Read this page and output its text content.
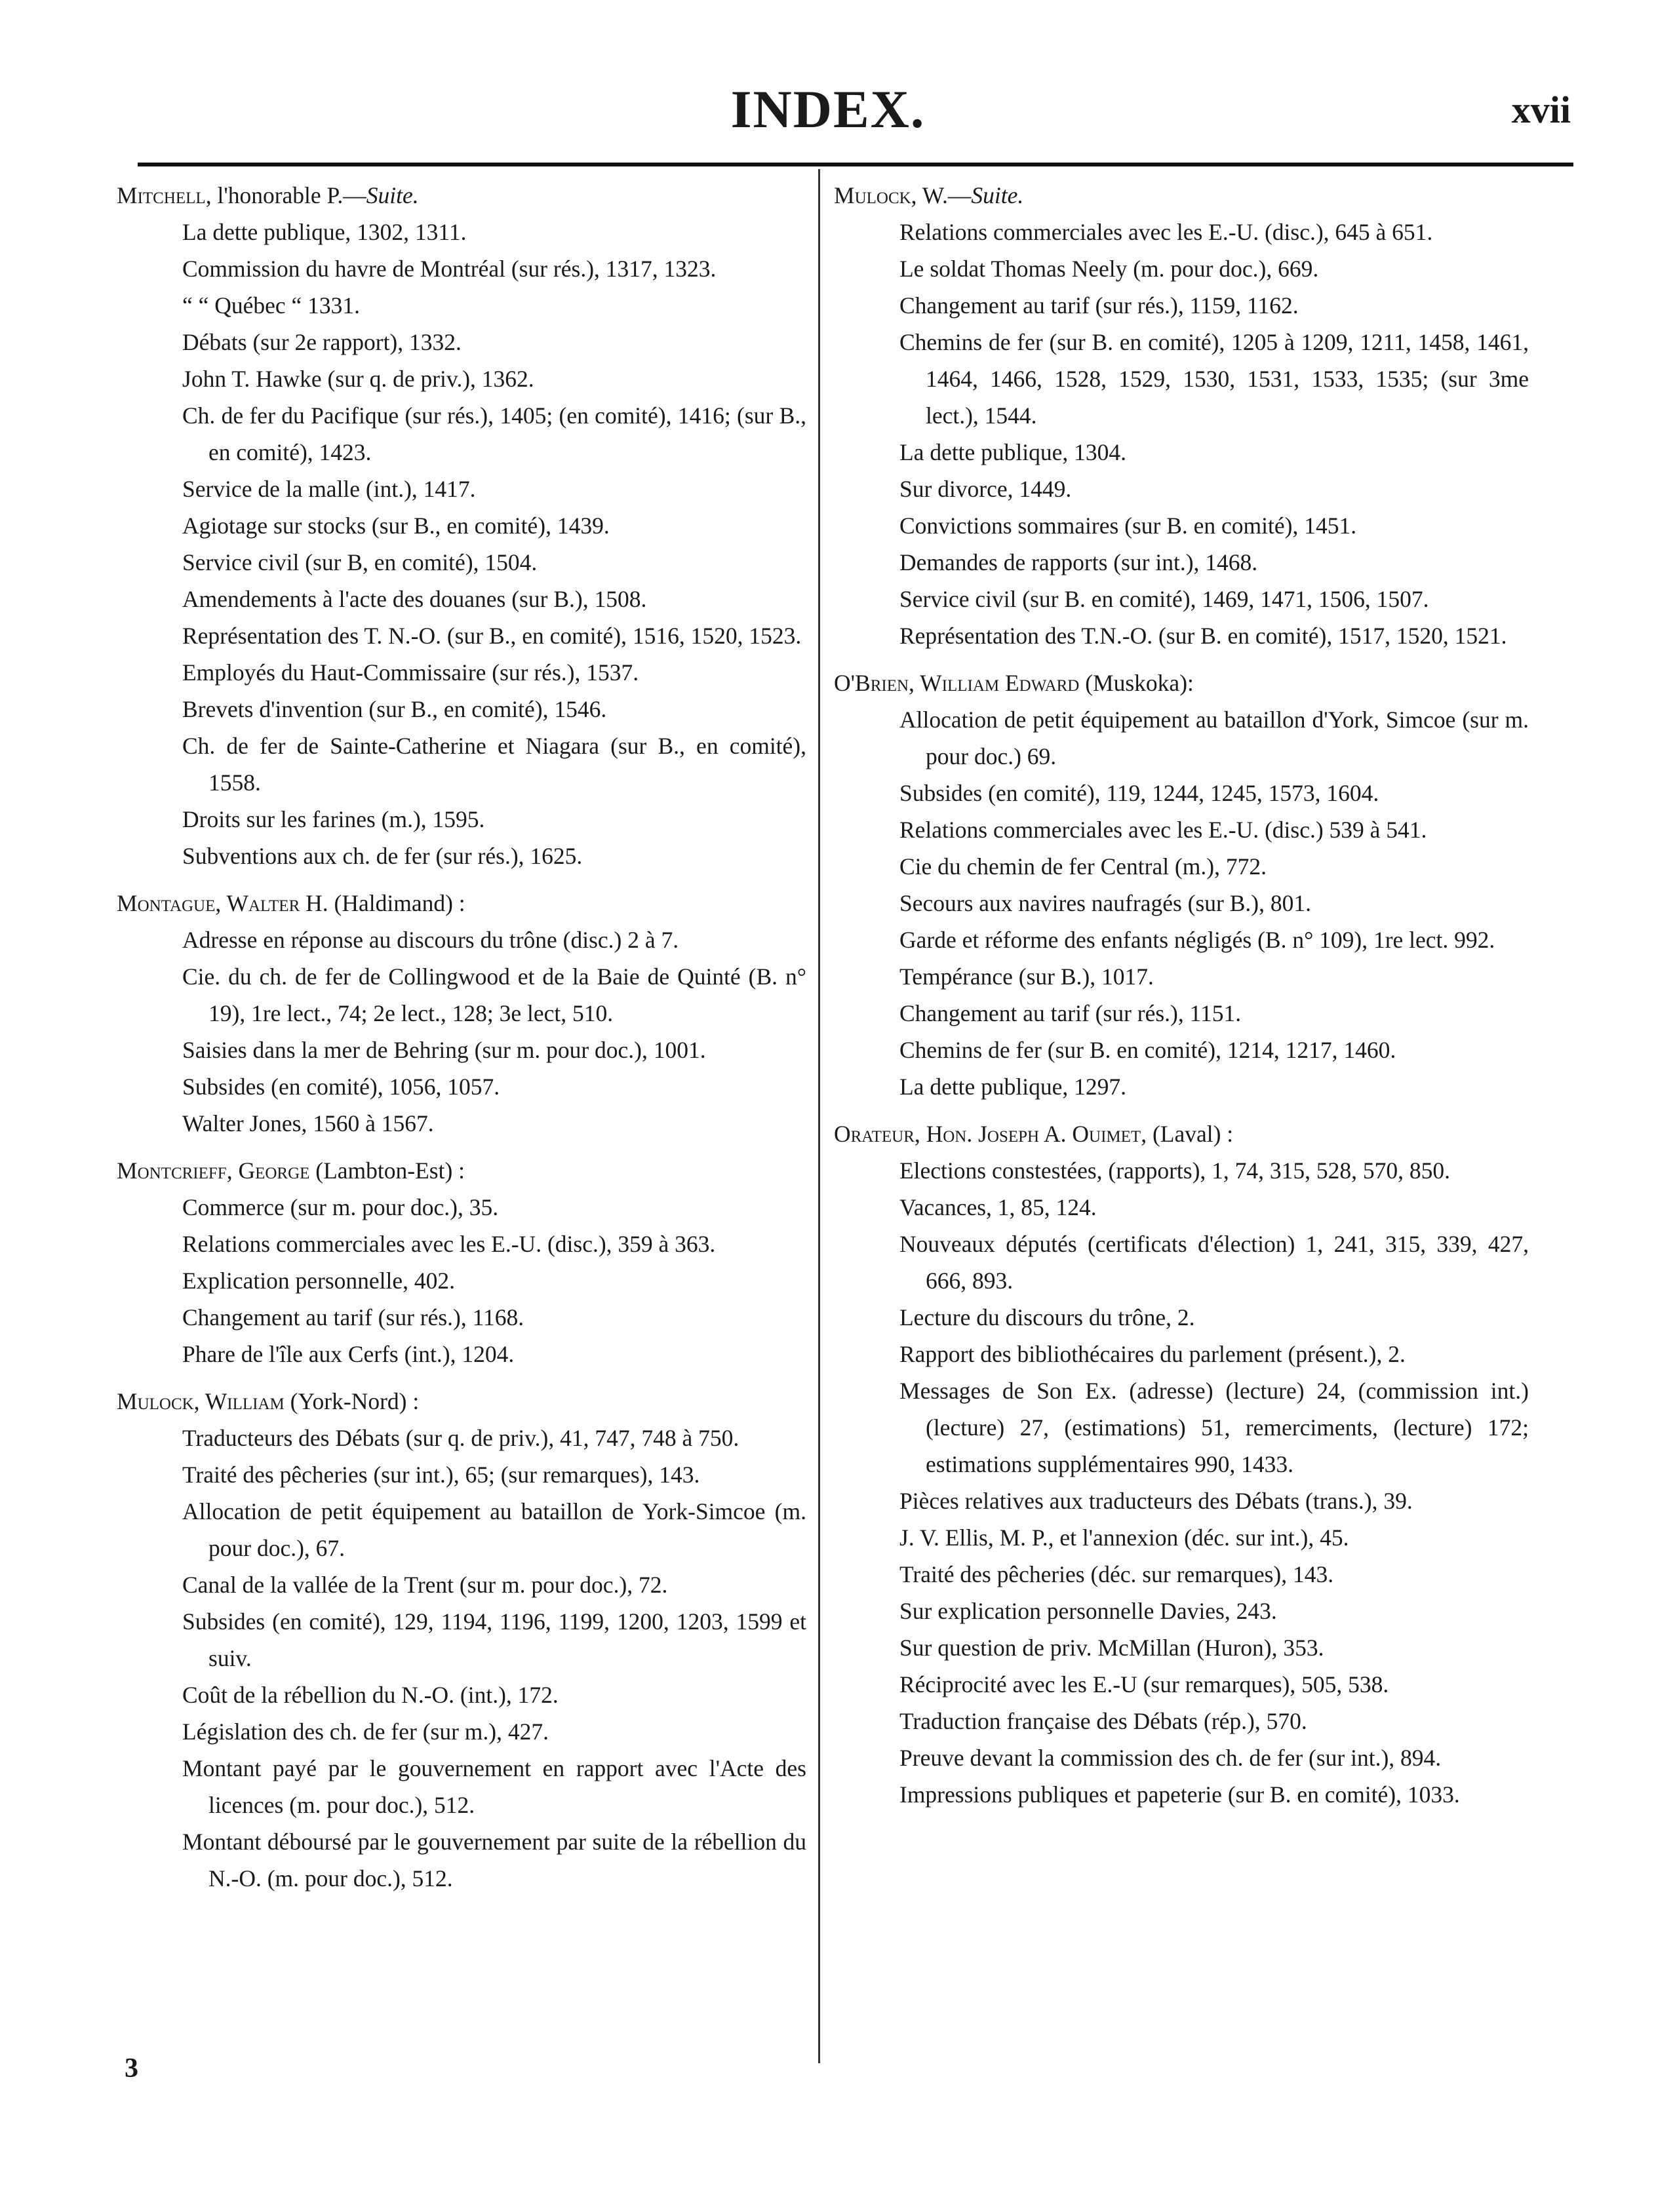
INDEX.	xvii
Mitchell, l'honorable P.—Suite.
La dette publique, 1302, 1311.
Commission du havre de Montréal (sur rés.), 1317, 1323.
“ “ Québec “ 1331.
Débats (sur 2e rapport), 1332.
John T. Hawke (sur q. de priv.), 1362.
Ch. de fer du Pacifique (sur rés.), 1405; (en comité), 1416; (sur B., en comité), 1423.
Service de la malle (int.), 1417.
Agiotage sur stocks (sur B., en comité), 1439.
Service civil (sur B, en comité), 1504.
Amendements à l'acte des douanes (sur B.), 1508.
Représentation des T. N.-O. (sur B., en comité), 1516, 1520, 1523.
Employés du Haut-Commissaire (sur rés.), 1537.
Brevets d'invention (sur B., en comité), 1546.
Ch. de fer de Sainte-Catherine et Niagara (sur B., en comité), 1558.
Droits sur les farines (m.), 1595.
Subventions aux ch. de fer (sur rés.), 1625.
Montague, Walter H. (Haldimand) :
Adresse en réponse au discours du trône (disc.) 2 à 7.
Cie. du ch. de fer de Collingwood et de la Baie de Quinté (B. n° 19), 1re lect., 74; 2e lect., 128; 3e lect, 510.
Saisies dans la mer de Behring (sur m. pour doc.), 1001.
Subsides (en comité), 1056, 1057.
Walter Jones, 1560 à 1567.
Montcrieff, George (Lambton-Est) :
Commerce (sur m. pour doc.), 35.
Relations commerciales avec les E.-U. (disc.), 359 à 363.
Explication personnelle, 402.
Changement au tarif (sur rés.), 1168.
Phare de l'île aux Cerfs (int.), 1204.
Mulock, William (York-Nord) :
Traducteurs des Débats (sur q. de priv.), 41, 747, 748 à 750.
Traité des pêcheries (sur int.), 65; (sur remarques), 143.
Allocation de petit équipement au bataillon de York-Simcoe (m. pour doc.), 67.
Canal de la vallée de la Trent (sur m. pour doc.), 72.
Subsides (en comité), 129, 1194, 1196, 1199, 1200, 1203, 1599 et suiv.
Coût de la rébellion du N.-O. (int.), 172.
Législation des ch. de fer (sur m.), 427.
Montant payé par le gouvernement en rapport avec l'Acte des licences (m. pour doc.), 512.
Montant déboursé par le gouvernement par suite de la rébellion du N.-O. (m. pour doc.), 512.
Mulock, W.—Suite.
Relations commerciales avec les E.-U. (disc.), 645 à 651.
Le soldat Thomas Neely (m. pour doc.), 669.
Changement au tarif (sur rés.), 1159, 1162.
Chemins de fer (sur B. en comité), 1205 à 1209, 1211, 1458, 1461, 1464, 1466, 1528, 1529, 1530, 1531, 1533, 1535; (sur 3me lect.), 1544.
La dette publique, 1304.
Sur divorce, 1449.
Convictions sommaires (sur B. en comité), 1451.
Demandes de rapports (sur int.), 1468.
Service civil (sur B. en comité), 1469, 1471, 1506, 1507.
Représentation des T.N.-O. (sur B. en comité), 1517, 1520, 1521.
O'Brien, William Edward (Muskoka):
Allocation de petit équipement au bataillon d'York, Simcoe (sur m. pour doc.) 69.
Subsides (en comité), 119, 1244, 1245, 1573, 1604.
Relations commerciales avec les E.-U. (disc.) 539 à 541.
Cie du chemin de fer Central (m.), 772.
Secours aux navires naufragés (sur B.), 801.
Garde et réforme des enfants négligés (B. n° 109), 1re lect. 992.
Tempérance (sur B.), 1017.
Changement au tarif (sur rés.), 1151.
Chemins de fer (sur B. en comité), 1214, 1217, 1460.
La dette publique, 1297.
Orateur, Hon. Joseph A. Ouimet, (Laval) :
Elections constestées, (rapports), 1, 74, 315, 528, 570, 850.
Vacances, 1, 85, 124.
Nouveaux députés (certificats d'élection) 1, 241, 315, 339, 427, 666, 893.
Lecture du discours du trône, 2.
Rapport des bibliothécaires du parlement (présent.), 2.
Messages de Son Ex. (adresse) (lecture) 24, (commission int.) (lecture) 27, (estimations) 51, remerciments, (lecture) 172; estimations supplémentaires 990, 1433.
Pièces relatives aux traducteurs des Débats (trans.), 39.
J. V. Ellis, M. P., et l'annexion (déc. sur int.), 45.
Traité des pêcheries (déc. sur remarques), 143.
Sur explication personnelle Davies, 243.
Sur question de priv. McMillan (Huron), 353.
Réciprocité avec les E.-U (sur remarques), 505, 538.
Traduction française des Débats (rép.), 570.
Preuve devant la commission des ch. de fer (sur int.), 894.
Impressions publiques et papeterie (sur B. en comité), 1033.
3
